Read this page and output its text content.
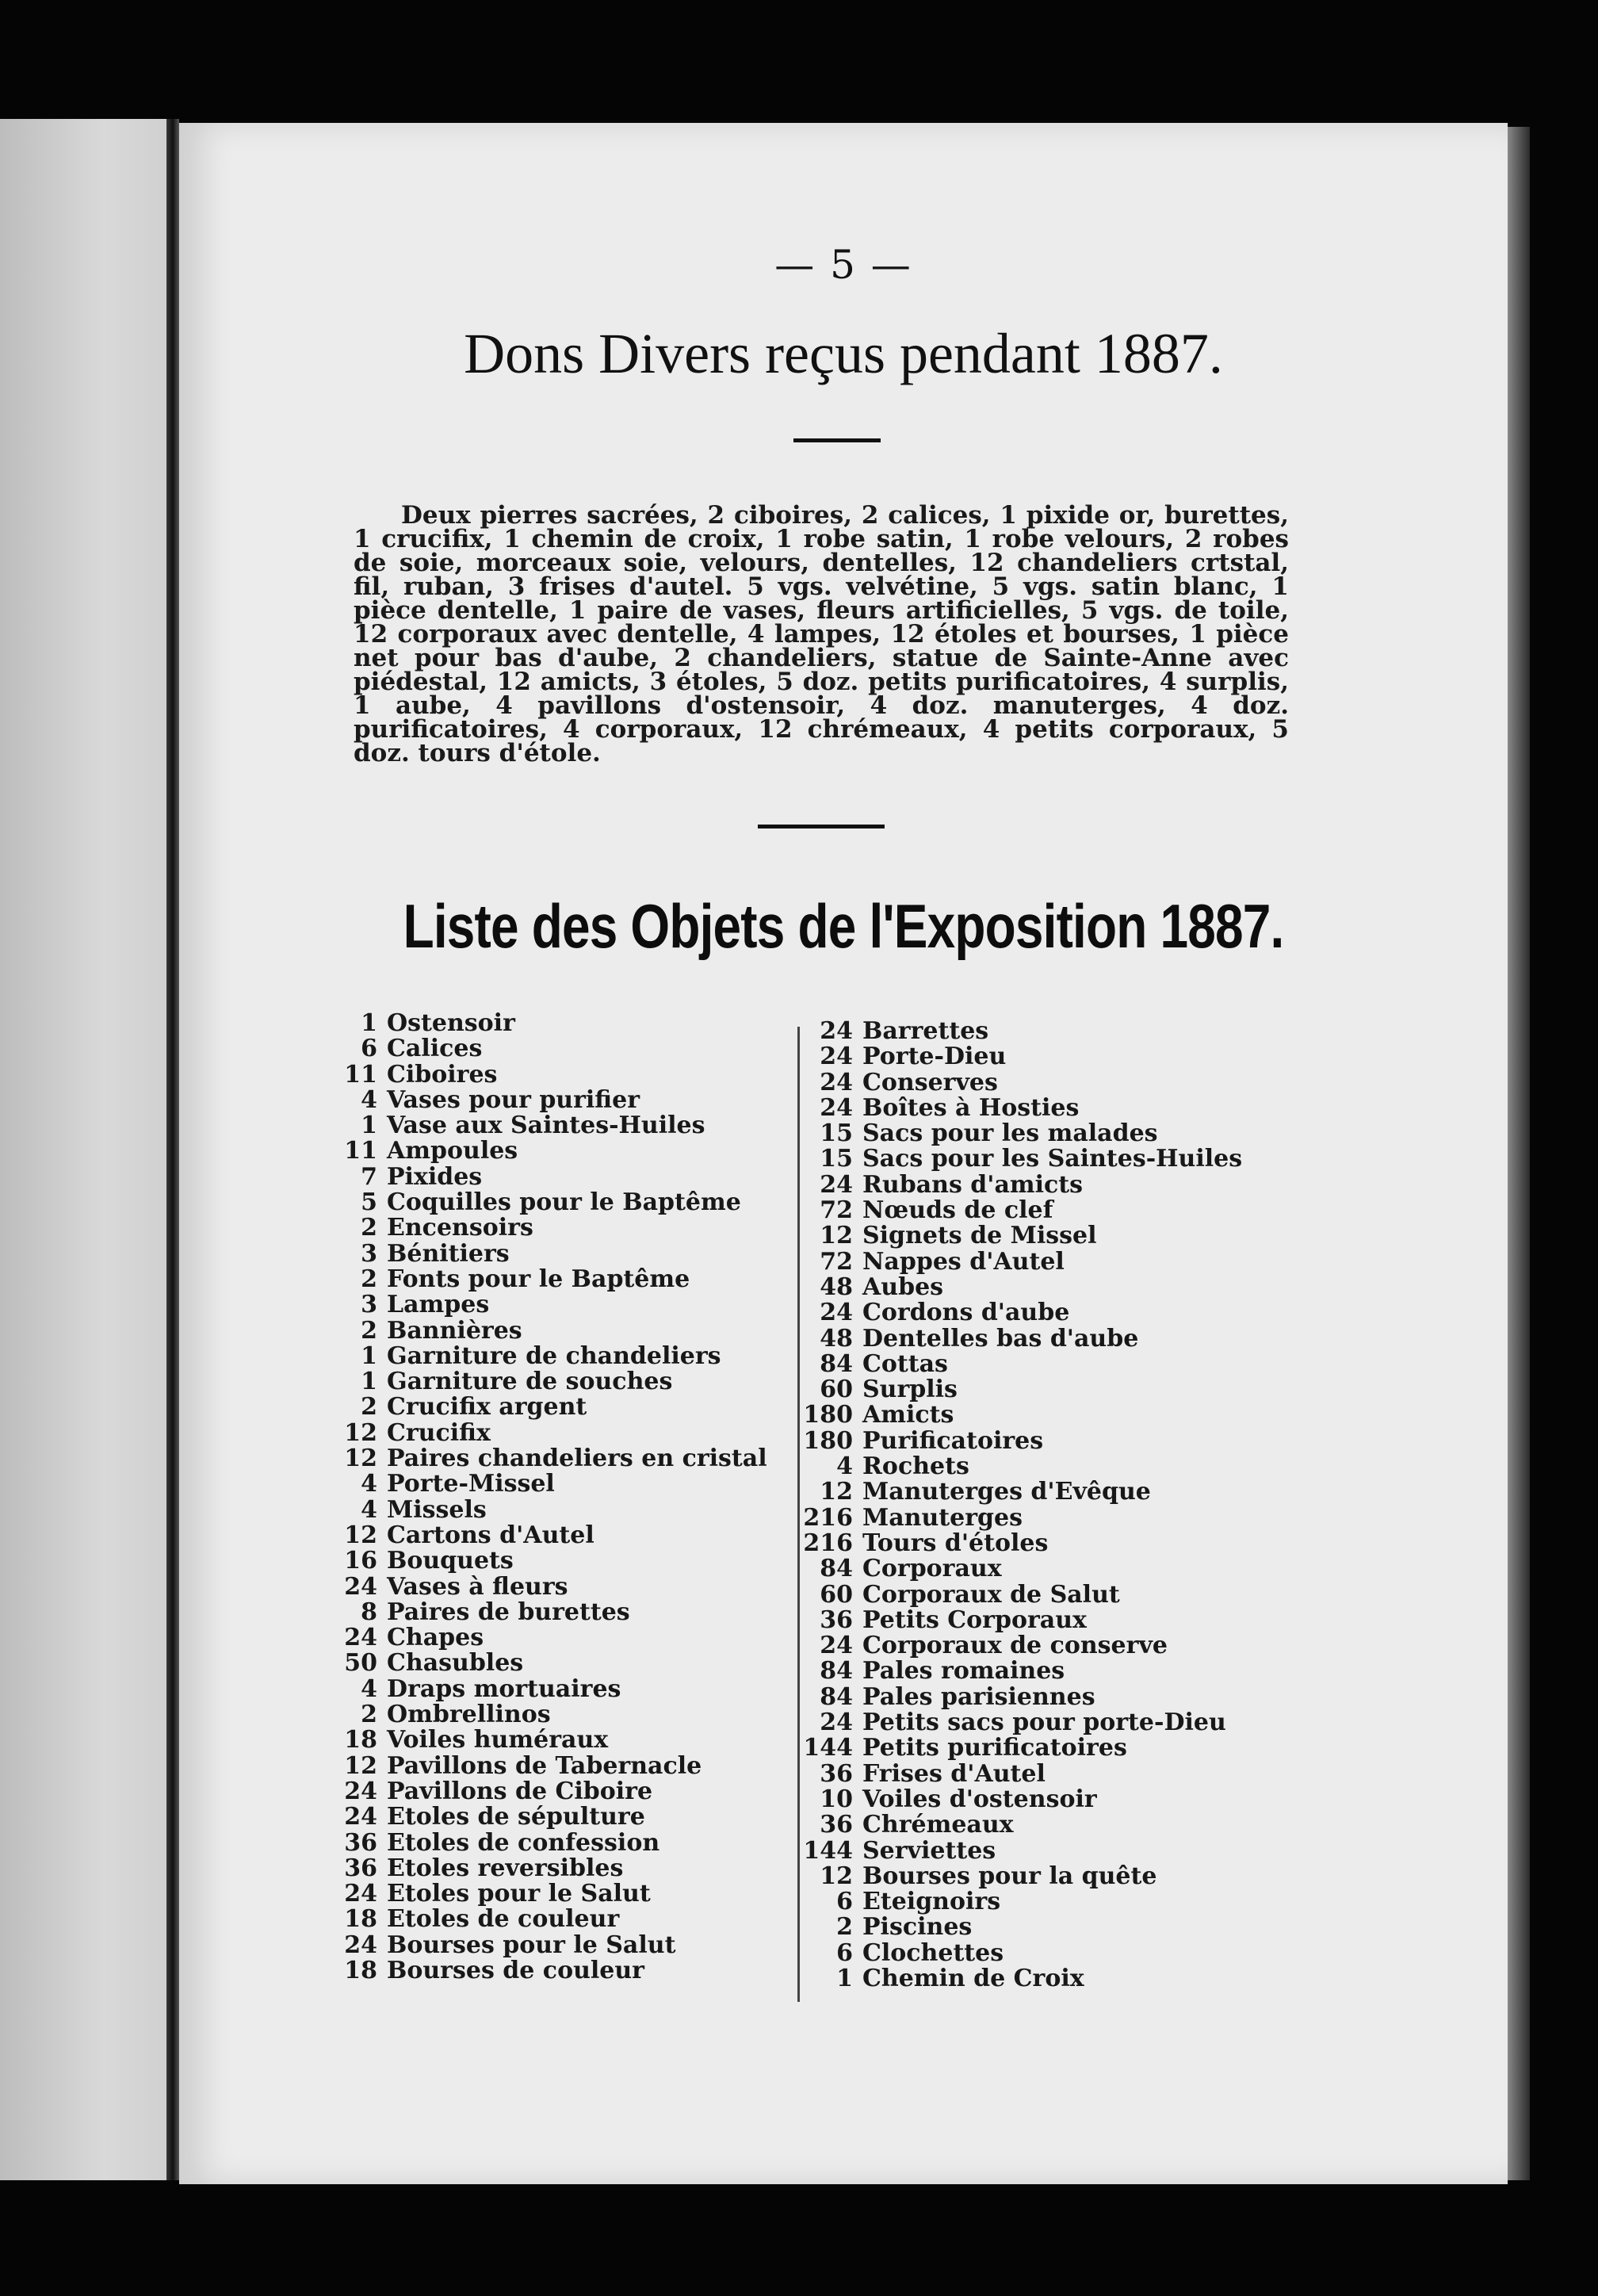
— 5 —
Dons Divers reçus pendant 1887.
Deux pierres sacrées, 2 ciboires, 2 calices, 1 pixide or, burettes, 1 crucifix, 1 chemin de croix, 1 robe satin, 1 robe velours, 2 robes de soie, morceaux soie, velours, dentelles, 12 chandeliers crtstal, fil, ruban, 3 frises d'autel. 5 vgs. velvétine, 5 vgs. satin blanc, 1 pièce dentelle, 1 paire de vases, fleurs artificielles, 5 vgs. de toile, 12 corporaux avec dentelle, 4 lampes, 12 étoles et bourses, 1 pièce net pour bas d'aube, 2 chandeliers, statue de Sainte-Anne avec piédestal, 12 amicts, 3 étoles, 5 doz. petits purificatoires, 4 surplis, 1 aube, 4 pavillons d'ostensoir, 4 doz. manuterges, 4 doz. purificatoires, 4 corporaux, 12 chrémeaux, 4 petits corporaux, 5 doz. tours d'étole.
Liste des Objets de l'Exposition 1887.
1 Ostensoir
6 Calices
11 Ciboires
4 Vases pour purifier
1 Vase aux Saintes-Huiles
11 Ampoules
7 Pixides
5 Coquilles pour le Baptême
2 Encensoirs
3 Bénitiers
2 Fonts pour le Baptême
3 Lampes
2 Bannières
1 Garniture de chandeliers
1 Garniture de souches
2 Crucifix argent
12 Crucifix
12 Paires chandeliers en cristal
4 Porte-Missel
4 Missels
12 Cartons d'Autel
16 Bouquets
24 Vases à fleurs
8 Paires de burettes
24 Chapes
50 Chasubles
4 Draps mortuaires
2 Ombrellinos
18 Voiles huméraux
12 Pavillons de Tabernacle
24 Pavillons de Ciboire
24 Etoles de sépulture
36 Etoles de confession
36 Etoles reversibles
24 Etoles pour le Salut
18 Etoles de couleur
24 Bourses pour le Salut
18 Bourses de couleur
24 Barrettes
24 Porte-Dieu
24 Conserves
24 Boîtes à Hosties
15 Sacs pour les malades
15 Sacs pour les Saintes-Huiles
24 Rubans d'amicts
72 Nœuds de clef
12 Signets de Missel
72 Nappes d'Autel
48 Aubes
24 Cordons d'aube
48 Dentelles bas d'aube
84 Cottas
60 Surplis
180 Amicts
180 Purificatoires
4 Rochets
12 Manuterges d'Evêque
216 Manuterges
216 Tours d'étoles
84 Corporaux
60 Corporaux de Salut
36 Petits Corporaux
24 Corporaux de conserve
84 Pales romaines
84 Pales parisiennes
24 Petits sacs pour porte-Dieu
144 Petits purificatoires
36 Frises d'Autel
10 Voiles d'ostensoir
36 Chrémeaux
144 Serviettes
12 Bourses pour la quête
6 Eteignoirs
2 Piscines
6 Clochettes
1 Chemin de Croix
